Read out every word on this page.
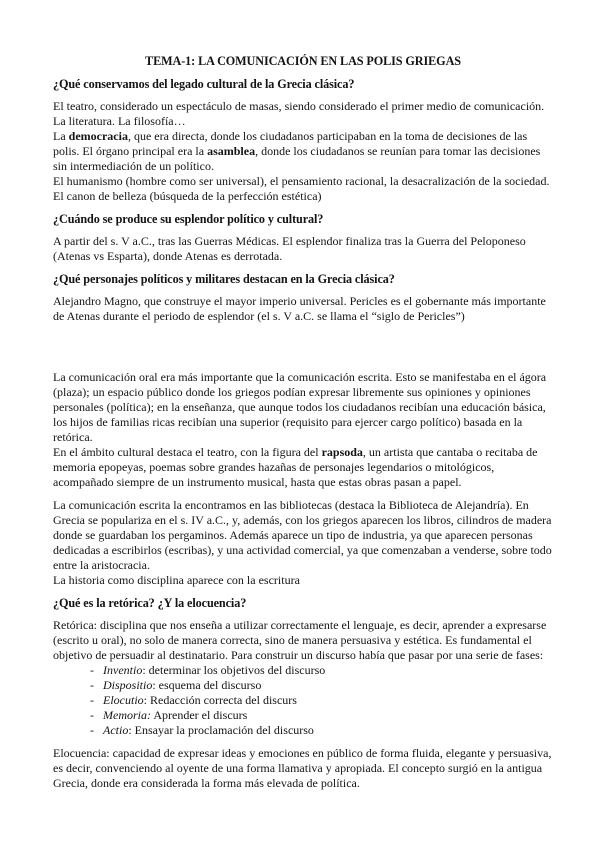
TEMA-1: LA COMUNICACIÓN EN LAS POLIS GRIEGAS
¿Qué conservamos del legado cultural de la Grecia clásica?

El teatro, considerado un espectáculo de masas, siendo considerado el primer medio de comunicación. La literatura. La filosofía…

La democracia, que era directa, donde los ciudadanos participaban en la toma de decisiones de las polis. El órgano principal era la asamblea, donde los ciudadanos se reunían para tomar las decisiones sin intermediación de un político.

El humanismo (hombre como ser universal), el pensamiento racional, la desacralización de la sociedad. El canon de belleza (búsqueda de la perfección estética)

¿Cuándo se produce su esplendor político y cultural?

A partir del s. V a.C., tras las Guerras Médicas. El esplendor finaliza tras la Guerra del Peloponeso (Atenas vs Esparta), donde Atenas es derrotada.

¿Qué personajes políticos y militares destacan en la Grecia clásica?

Alejandro Magno, que construye el mayor imperio universal. Pericles es el gobernante más importante de Atenas durante el periodo de esplendor (el s. V a.C. se llama el “siglo de Pericles”)

La comunicación oral era más importante que la comunicación escrita. Esto se manifestaba en el ágora (plaza); un espacio público donde los griegos podían expresar libremente sus opiniones y opiniones personales (política); en la enseñanza, que aunque todos los ciudadanos recibían una educación básica, los hijos de familias ricas recibían una superior (requisito para ejercer cargo político) basada en la retórica.

En el ámbito cultural destaca el teatro, con la figura del rapsoda, un artista que cantaba o recitaba de memoria epopeyas, poemas sobre grandes hazañas de personajes legendarios o mitológicos, acompañado siempre de un instrumento musical, hasta que estas obras pasan a papel.

La comunicación escrita la encontramos en las bibliotecas (destaca la Biblioteca de Alejandría). En Grecia se populariza en el s. IV a.C., y, además, con los griegos aparecen los libros, cilindros de madera donde se guardaban los pergaminos. Además aparece un tipo de industria, ya que aparecen personas dedicadas a escribirlos (escribas), y una actividad comercial, ya que comenzaban a venderse, sobre todo entre la aristocracia.

La historia como disciplina aparece con la escritura

¿Qué es la retórica? ¿Y la elocuencia?

Retórica: disciplina que nos enseña a utilizar correctamente el lenguaje, es decir, aprender a expresarse (escrito u oral), no solo de manera correcta, sino de manera persuasiva y estética. Es fundamental el objetivo de persuadir al destinatario. Para construir un discurso había que pasar por una serie de fases:

- Inventio: determinar los objetivos del discurso
- Dispositio: esquema del discurso
- Elocutio: Redacción correcta del discurs
- Memoria: Aprender el discurs
- Actio: Ensayar la proclamación del discurso

Elocuencia: capacidad de expresar ideas y emociones en público de forma fluida, elegante y persuasiva, es decir, convenciendo al oyente de una forma llamativa y apropiada. El concepto surgió en la antigua Grecia, donde era considerada la forma más elevada de política.
